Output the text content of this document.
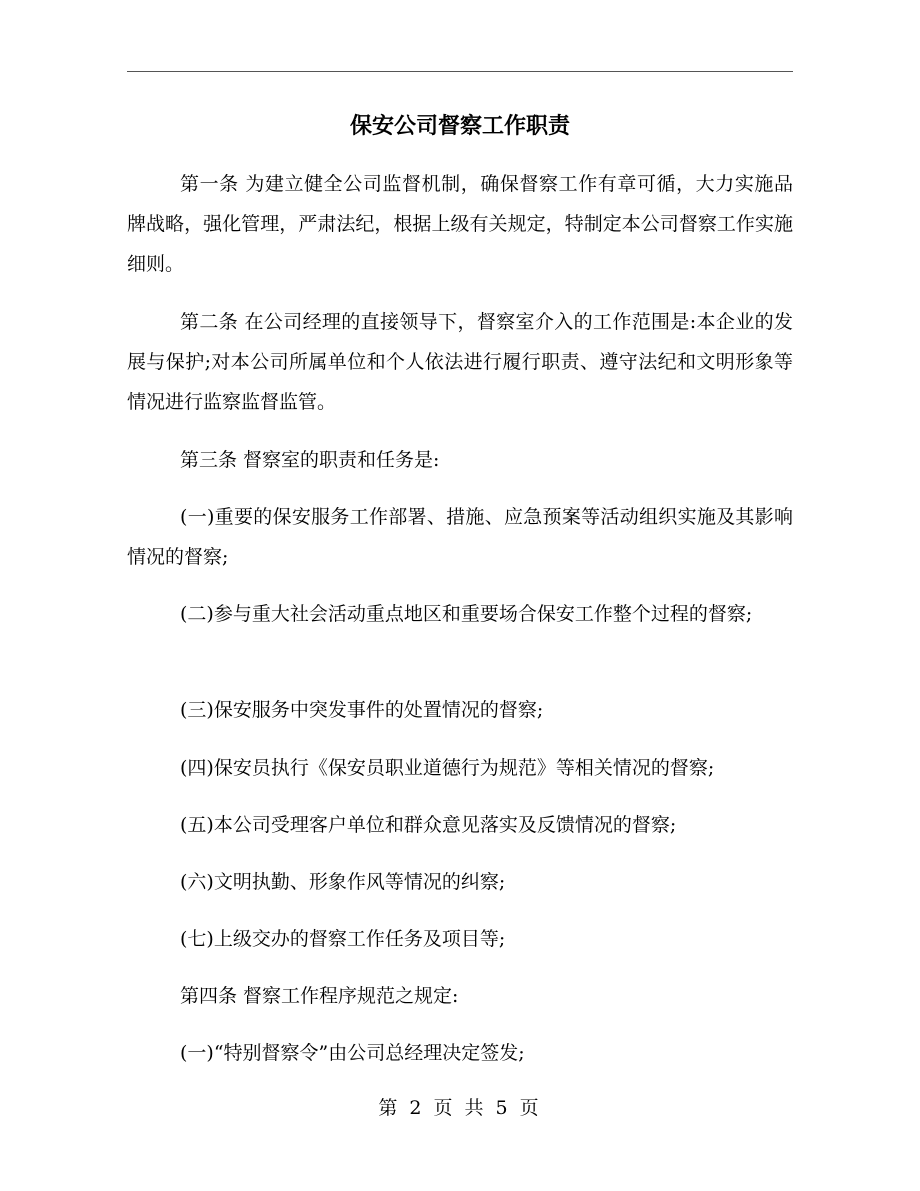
保安公司督察工作职责
第一条 为建立健全公司监督机制，确保督察工作有章可循，大力实施品牌战略，强化管理，严肃法纪，根据上级有关规定，特制定本公司督察工作实施细则。
第二条 在公司经理的直接领导下，督察室介入的工作范围是:本企业的发展与保护;对本公司所属单位和个人依法进行履行职责、遵守法纪和文明形象等情况进行监察监督监管。
第三条 督察室的职责和任务是:
(一)重要的保安服务工作部署、措施、应急预案等活动组织实施及其影响情况的督察;
(二)参与重大社会活动重点地区和重要场合保安工作整个过程的督察;
(三)保安服务中突发事件的处置情况的督察;
(四)保安员执行《保安员职业道德行为规范》等相关情况的督察;
(五)本公司受理客户单位和群众意见落实及反馈情况的督察;
(六)文明执勤、形象作风等情况的纠察;
(七)上级交办的督察工作任务及项目等;
第四条 督察工作程序规范之规定:
(一)“特别督察令”由公司总经理决定签发;
第 2 页 共 5 页
